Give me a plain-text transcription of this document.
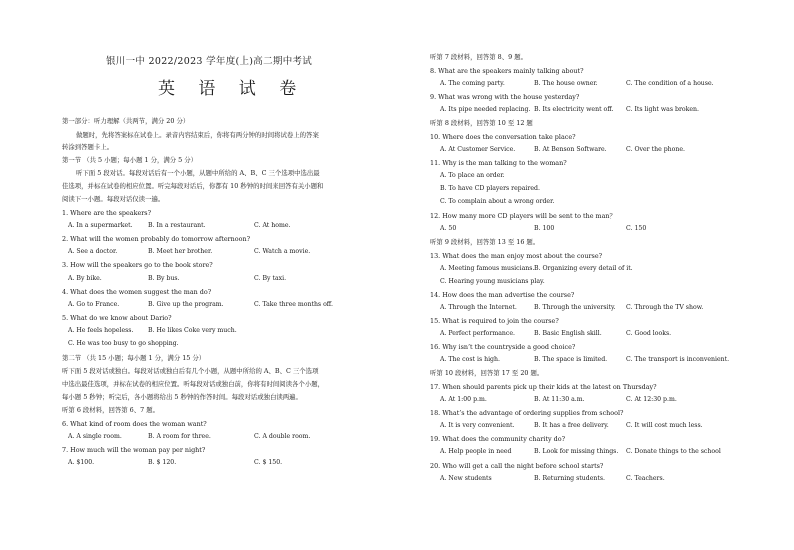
银川一中 2022/2023 学年度(上)高二期中考试
英 语 试 卷
第一部分：听力理解（共两节，满分 20 分）
做题时，先将答案标在试卷上。录音内容结束后，你将有两分钟的时间将试卷上的答案
转涂到答题卡上。
第一节 （共 5 小题；每小题 1 分，满分 5 分）
听下面 5 段对话。每段对话后有一个小题，从题中所给的 A、B、C 三个选项中选出最
佳选项，并标在试卷的相应位置。听完每段对话后，你都有 10 秒钟的时间来回答有关小题和
阅读下一小题。每段对话仅读一遍。
1. Where are the speakers?
A. In a supermarket. B. In a restaurant.	C. At home.
2. What will the women probably do tomorrow afternoon?
A. See a doctor.	B. Meet her brother.	C. Watch a movie.
3. How will the speakers go to the book store?
A. By bike.	B. By bus.	C. By taxi.
4. What does the women suggest the man do?
A. Go to France.	B. Give up the program.	C. Take three months off.
5. What do we know about Dario?
A. He feels hopeless. B. He likes Coke very much.
C. He was too busy to go shopping.
第二节 （共 15 小题；每小题 1 分，满分 15 分）
听下面 5 段对话或独白。每段对话或独白后有几个小题，从题中所给的 A、B、C 三个选项
中选出最佳选项，并标在试卷的相应位置。听每段对话或独白前，你将有时间阅读各个小题，
每小题 5 秒钟；听完后，各小题将给出 5 秒钟的作答时间。每段对话或独白读两遍。
听第 6 段材料，回答第 6、7 题。
6. What kind of room does the woman want?
A. A single room.	B. A room for three.	C. A double room.
7. How much will the woman pay per night?
A. $100.	B. $ 120.	C. $ 150.
听第 7 段材料，回答第 8、9 题。
8. What are the speakers mainly talking about?
A. The coming party.	B. The house owner.	C. The condition of a house.
9. What was wrong with the house yesterday?
A. Its pipe needed replacing. B. Its electricity went off. C. Its light was broken.
听第 8 段材料，回答第 10 至 12 题
10. Where does the conversation take place?
A. At Customer Service.	B. At Benson Software.	C. Over the phone.
11. Why is the man talking to the woman?
A. To place an order.
B. To have CD players repaired.
C. To complain about a wrong order.
12. How many more CD players will be sent to the man？
A. 50	B. 100	C. 150
听第 9 段材料，回答第 13 至 16 题。
13. What does the man enjoy most about the course?
A. Meeting famous musicians. B. Organizing every detail of it.
C. Hearing young musicians play.
14. How does the man advertise the course?
A. Through the Internet.	B. Through the university. C. Through the TV show.
15. What is required to join the course?
A. Perfect performance.	B. Basic English skill.	C. Good looks.
16. Why isn’t the countryside a good choice?
A. The cost is high.	B. The space is limited.	C. The transport is inconvenient.
听第 10 段材料，回答第 17 至 20 题。
17. When should parents pick up their kids at the latest on Thursday?
A. At 1:00 p.m.	B. At 11:30 a.m.	C. At 12:30 p.m.
18. What’s the advantage of ordering supplies from school?
A. It is very convenient.	B. It has a free delivery.	C. It will cost much less.
19. What does the community charity do?
A. Help people in need	B. Look for missing things. C. Donate things to the school
20. Who will get a call the night before school starts?
A. New students	B. Returning students.	C. Teachers.
